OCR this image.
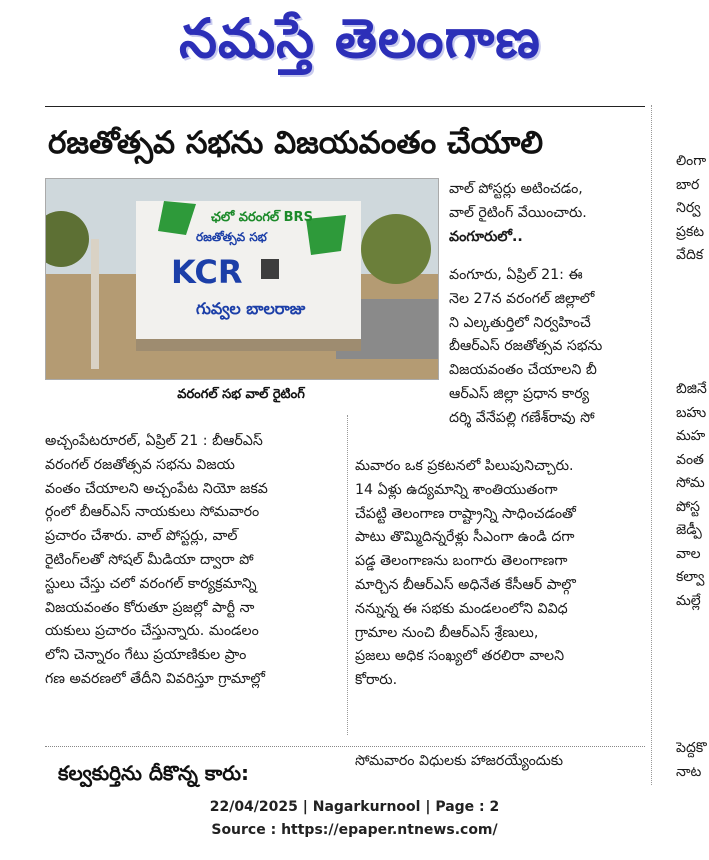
నమస్తే తెలంగాణ
రజతోత్సవ సభను విజయవంతం చేయాలి
ఛలో వరంగల్ BRS
రజతోత్సవ సభ
KCR
గువ్వల బాలరాజు
వరంగల్ సభ వాల్ రైటింగ్

అచ్చంపేటరూరల్, ఏప్రిల్ 21 : బీఆర్ఎస్

వరంగల్ రజతోత్సవ సభను విజయ

వంతం చేయాలని అచ్చంపేట నియో జకవ

ర్గంలో బీఆర్ఎస్ నాయకులు సోమవారం

ప్రచారం చేశారు. వాల్ పోస్టర్లు, వాల్

రైటింగ్‌లతో సోషల్ మీడియా ద్వారా పో

స్టులు చేస్తు చలో వరంగల్ కార్యక్రమాన్ని

విజయవంతం కోరుతూ ప్రజల్లో పార్టీ నా

యకులు ప్రచారం చేస్తున్నారు. మండలం

లోని చెన్నారం గేటు ప్రయాణికుల ప్రాం

గణ అవరణలో తేదీని వివరిస్తూ గ్రామాల్లో

వాల్ పోస్టర్లు అటించడం,

వాల్ రైటింగ్ వేయించారు.

వంగూరులో..

వంగూరు, ఏప్రిల్ 21: ఈ

నెల 27న వరంగల్ జిల్లాలో

ని ఎల్కతుర్తిలో నిర్వహించే

బీఆర్ఎస్ రజతోత్సవ సభను

విజయవంతం చేయాలని బీ

ఆర్ఎస్ జిల్లా ప్రధాన కార్య

దర్శి వేనేపల్లి గణేశ్‌రావు సో

మవారం ఒక ప్రకటనలో పిలుపునిచ్చారు.

14 ఏళ్లు ఉద్యమాన్ని శాంతియుతంగా

చేపట్టి తెలంగాణ రాష్ట్రాన్ని సాధించడంతో

పాటు తొమ్మిదిన్నరేళ్లు సీఎంగా ఉండి దగా

పడ్డ తెలంగాణను బంగారు తెలంగాణగా

మార్చిన బీఆర్ఎస్ అధినేత కేసీఆర్ పాల్గొ

నన్నున్న ఈ సభకు మండలంలోని వివిధ

గ్రామాల నుంచి బీఆర్ఎస్ శ్రేణులు,

ప్రజలు అధిక సంఖ్యలో తరలిరా వాలని

కోరారు.

కల్వకుర్తిను దీకొన్న కారు:	సోమవారం విధులకు హాజరయ్యేందుకు

లింగా

బార

నిర్వ

ప్రకట

వేదిక

బిజినే

బహు

మహ

వంత

సోమ

పోస్ట

జెడ్పీ

వాల

కల్వా

మల్లే

పెద్దకొ

నాట

22/04/2025 | Nagarkurnool | Page : 2
Source : https://epaper.ntnews.com/
